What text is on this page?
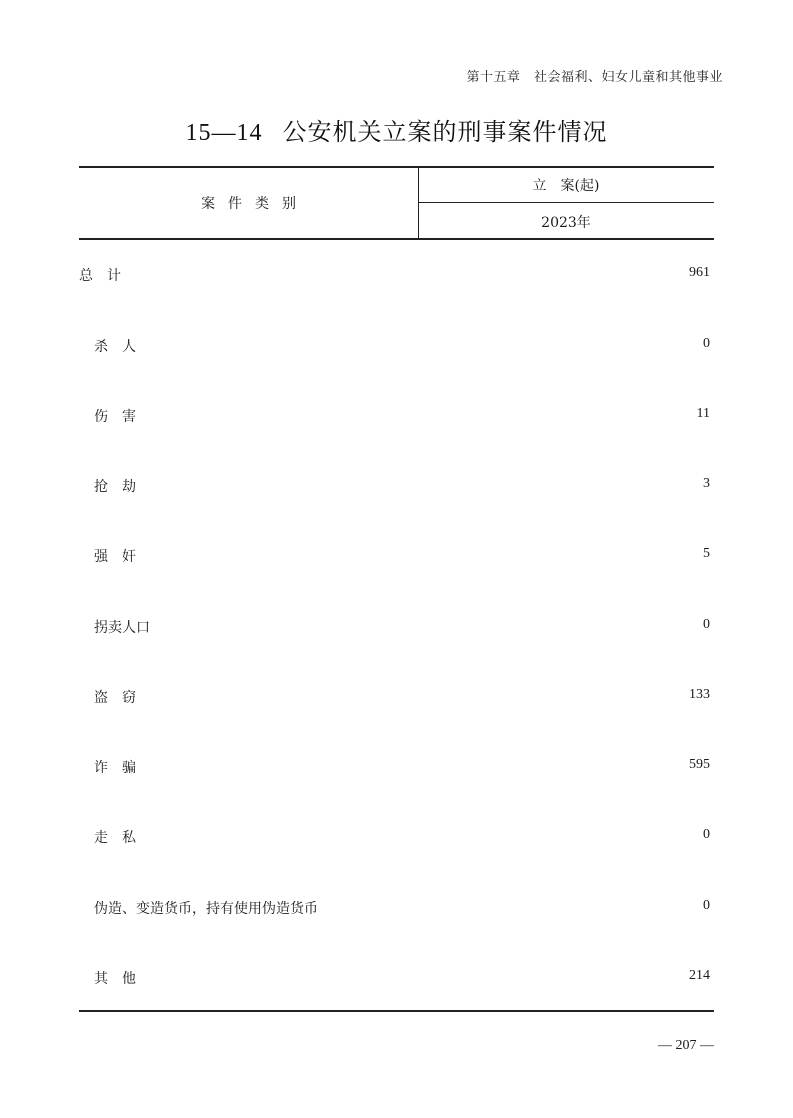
第十五章　社会福利、妇女儿童和其他事业
15—14 公安机关立案的刑事案件情况
案件类别
立　案(起)
2023年
总计	961
杀人	0
伤害	11
抢劫	3
强奸	5
拐卖人口	0
盗窃	133
诈骗	595
走私	0
伪造、变造货币，持有使用伪造货币	0
其他	214
— 207 —
